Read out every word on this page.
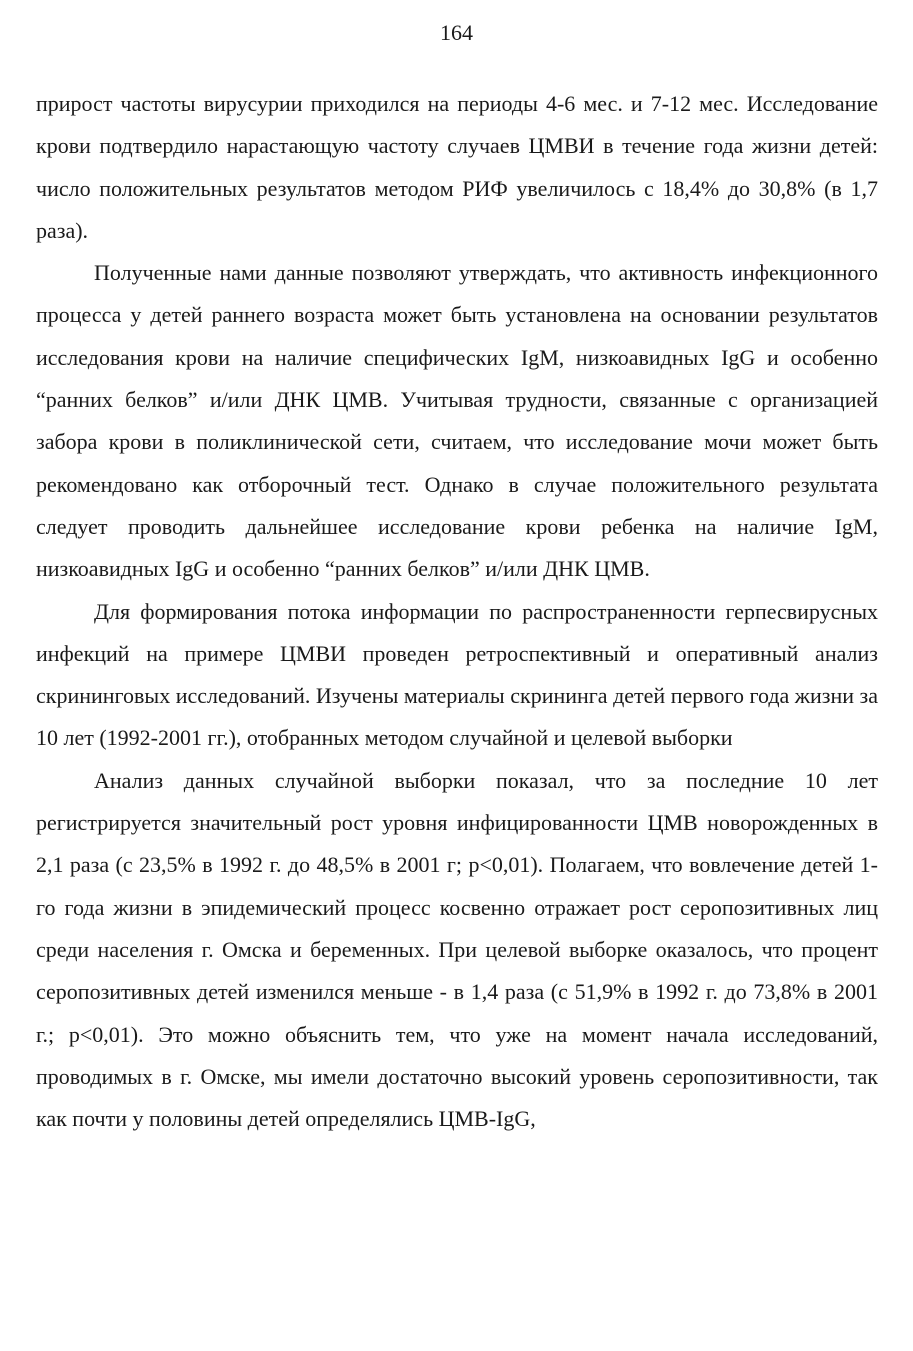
164

прирост частоты вирусурии приходился на периоды 4-6 мес. и 7-12 мес. Исследование крови подтвердило нарастающую частоту случаев ЦМВИ в течение года жизни детей: число положительных результатов методом РИФ увеличилось с 18,4% до 30,8% (в 1,7 раза).

Полученные нами данные позволяют утверждать, что активность инфекционного процесса у детей раннего возраста может быть установлена на основании результатов исследования крови на наличие специфических IgM, низкоавидных IgG и особенно “ранних белков” и/или ДНК ЦМВ. Учитывая трудности, связанные с организацией забора крови в поликлинической сети, считаем, что исследование мочи может быть рекомендовано как отборочный тест. Однако в случае положительного результата следует проводить дальнейшее исследование крови ребенка на наличие IgM, низкоавидных IgG и особенно “ранних белков” и/или ДНК ЦМВ.

Для формирования потока информации по распространенности герпесвирусных инфекций на примере ЦМВИ проведен ретроспективный и оперативный анализ скрининговых исследований. Изучены материалы скрининга детей первого года жизни за 10 лет (1992-2001 гг.), отобранных методом случайной и целевой выборки

Анализ данных случайной выборки показал, что за последние 10 лет регистрируется значительный рост уровня инфицированности ЦМВ новорожденных в 2,1 раза (с 23,5% в 1992 г. до 48,5% в 2001 г; p<0,01). Полагаем, что вовлечение детей 1-го года жизни в эпидемический процесс косвенно отражает рост серопозитивных лиц среди населения г. Омска и беременных. При целевой выборке оказалось, что процент серопозитивных детей изменился меньше - в 1,4 раза (с 51,9% в 1992 г. до 73,8% в 2001 г.; p<0,01). Это можно объяснить тем, что уже на момент начала исследований, проводимых в г. Омске, мы имели достаточно высокий уровень серопозитивности, так как почти у половины детей определялись ЦМВ-IgG,
